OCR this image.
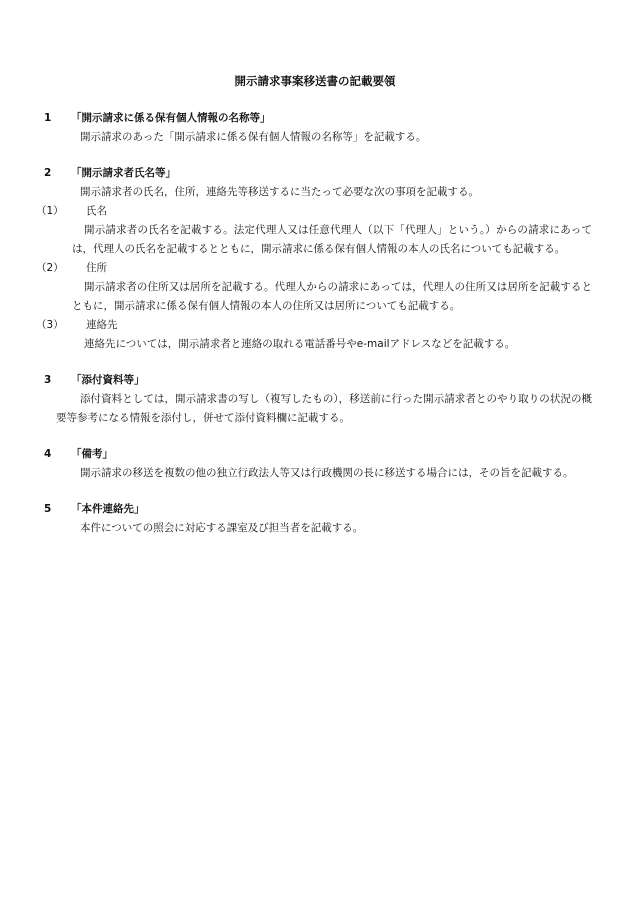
開示請求事案移送書の記載要領
1	「開示請求に係る保有個人情報の名称等」
開示請求のあった「開示請求に係る保有個人情報の名称等」を記載する。
2	「開示請求者氏名等」
開示請求者の氏名，住所，連絡先等移送するに当たって必要な次の事項を記載する。
（1）	氏名
開示請求者の氏名を記載する。法定代理人又は任意代理人（以下「代理人」という。）からの請求にあっては，代理人の氏名を記載するとともに，開示請求に係る保有個人情報の本人の氏名についても記載する。
（2）	住所
開示請求者の住所又は居所を記載する。代理人からの請求にあっては，代理人の住所又は居所を記載するとともに，開示請求に係る保有個人情報の本人の住所又は居所についても記載する。
（3）	連絡先
連絡先については，開示請求者と連絡の取れる電話番号やe-mailアドレスなどを記載する。
3	「添付資料等」
添付資料としては，開示請求書の写し（複写したもの），移送前に行った開示請求者とのやり取りの状況の概要等参考になる情報を添付し，併せて添付資料欄に記載する。
4	「備考」
開示請求の移送を複数の他の独立行政法人等又は行政機関の長に移送する場合には，その旨を記載する。
5	「本件連絡先」
本件についての照会に対応する課室及び担当者を記載する。
